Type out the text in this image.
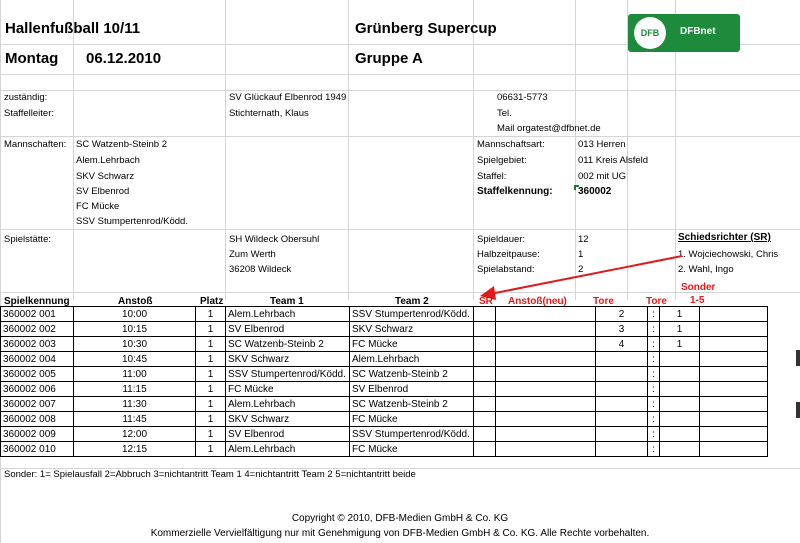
Hallenfußball 10/11
Montag 06.12.2010
Grünberg Supercup
Gruppe A
DFB	DFBnet
zuständig:	SV Glückauf Elbenrod 1949	06631-5773
Staffelleiter:	Stichternath, Klaus	Tel.
Mail orgatest@dfbnet.de
Mannschaften: SC Watzenb-Steinb 2
Alem.Lehrbach
SKV Schwarz
SV Elbenrod
FC Mücke
SSV Stumpertenrod/Ködd.
Mannschaftsart:	013 Herren
Spielgebiet:	011 Kreis Alsfeld
Staffel:	002 mit UG
Staffelkennung:	360002
Spielstätte:	SH Wildeck Obersuhl
Zum Werth
36208 Wildeck
Spieldauer:	12
Halbzeitpause:	1
Spielabstand:	2
Schiedsrichter (SR)
1. Wojciechowski, Chris
2. Wahl, Ingo
Spielkennung	Anstoß	Platz	Team 1	Team 2	SR Anstoß(neu)	Tore	Tore
Sonder
1-5
360002 001	10:00	1	Alem.Lehrbach	SSV Stumpertenrod/Ködd.			2	:	1	
360002 002	10:15	1	SV Elbenrod	SKV Schwarz			3	:	1	
360002 003	10:30	1	SC Watzenb-Steinb 2	FC Mücke			4	:	1	
360002 004	10:45	1	SKV Schwarz	Alem.Lehrbach				:		
360002 005	11:00	1	SSV Stumpertenrod/Ködd.	SC Watzenb-Steinb 2				:		
360002 006	11:15	1	FC Mücke	SV Elbenrod				:		
360002 007	11:30	1	Alem.Lehrbach	SC Watzenb-Steinb 2				:		
360002 008	11:45	1	SKV Schwarz	FC Mücke				:		
360002 009	12:00	1	SV Elbenrod	SSV Stumpertenrod/Ködd.				:		
360002 010	12:15	1	Alem.Lehrbach	FC Mücke				:		
Sonder: 1= Spielausfall 2=Abbruch 3=nichtantritt Team 1 4=nichtantritt Team 2 5=nichtantritt beide
Copyright © 2010, DFB-Medien GmbH & Co. KG
Kommerzielle Vervielfältigung nur mit Genehmigung von DFB-Medien GmbH & Co. KG. Alle Rechte vorbehalten.
